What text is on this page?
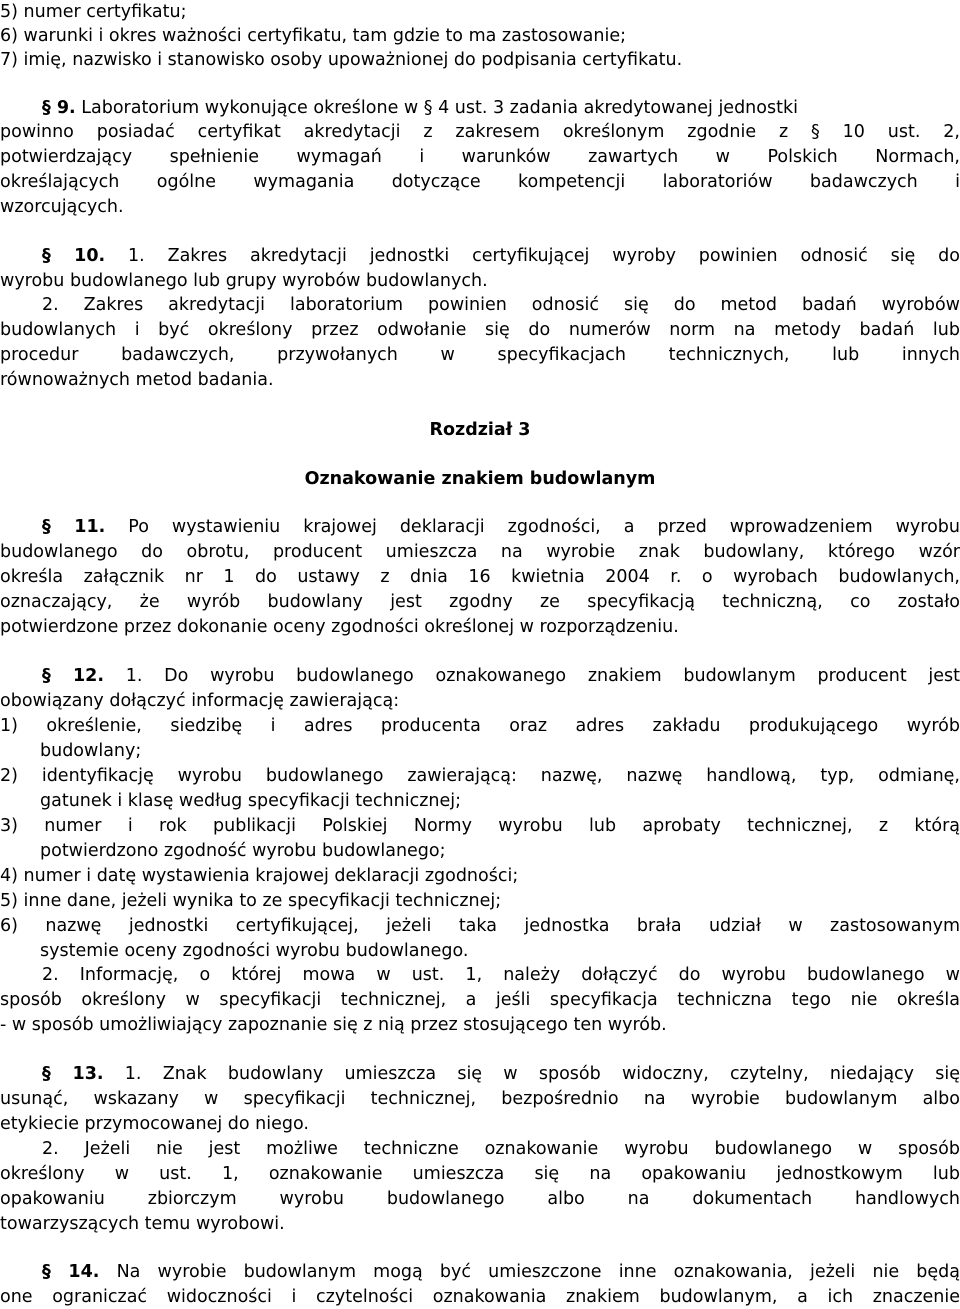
Rozdział 3
Oznakowanie znakiem budowlanym
5) numer certyfikatu;
6) warunki i okres ważności certyfikatu, tam gdzie to ma zastosowanie;
7) imię, nazwisko i stanowisko osoby upoważnionej do podpisania certyfikatu.
§ 9. Laboratorium wykonujące określone w § 4 ust. 3 zadania akredytowanej jednostki
powinno posiadać certyfikat akredytacji z zakresem określonym zgodnie z § 10 ust. 2,
potwierdzający spełnienie wymagań i warunków zawartych w Polskich Normach,
określających ogólne wymagania dotyczące kompetencji laboratoriów badawczych i
wzorcujących.
§ 10. 1. Zakres akredytacji jednostki certyfikującej wyroby powinien odnosić się do
wyrobu budowlanego lub grupy wyrobów budowlanych.
2. Zakres akredytacji laboratorium powinien odnosić się do metod badań wyrobów
budowlanych i być określony przez odwołanie się do numerów norm na metody badań lub
procedur badawczych, przywołanych w specyfikacjach technicznych, lub innych
równoważnych metod badania.
§ 11. Po wystawieniu krajowej deklaracji zgodności, a przed wprowadzeniem wyrobu
budowlanego do obrotu, producent umieszcza na wyrobie znak budowlany, którego wzór
określa załącznik nr 1 do ustawy z dnia 16 kwietnia 2004 r. o wyrobach budowlanych,
oznaczający, że wyrób budowlany jest zgodny ze specyfikacją techniczną, co zostało
potwierdzone przez dokonanie oceny zgodności określonej w rozporządzeniu.
§ 12. 1. Do wyrobu budowlanego oznakowanego znakiem budowlanym producent jest
obowiązany dołączyć informację zawierającą:
1) określenie, siedzibę i adres producenta oraz adres zakładu produkującego wyrób
budowlany;
2) identyfikację wyrobu budowlanego zawierającą: nazwę, nazwę handlową, typ, odmianę,
gatunek i klasę według specyfikacji technicznej;
3) numer i rok publikacji Polskiej Normy wyrobu lub aprobaty technicznej, z którą
potwierdzono zgodność wyrobu budowlanego;
4) numer i datę wystawienia krajowej deklaracji zgodności;
5) inne dane, jeżeli wynika to ze specyfikacji technicznej;
6) nazwę jednostki certyfikującej, jeżeli taka jednostka brała udział w zastosowanym
systemie oceny zgodności wyrobu budowlanego.
2. Informację, o której mowa w ust. 1, należy dołączyć do wyrobu budowlanego w
sposób określony w specyfikacji technicznej, a jeśli specyfikacja techniczna tego nie określa
- w sposób umożliwiający zapoznanie się z nią przez stosującego ten wyrób.
§ 13. 1. Znak budowlany umieszcza się w sposób widoczny, czytelny, niedający się
usunąć, wskazany w specyfikacji technicznej, bezpośrednio na wyrobie budowlanym albo
etykiecie przymocowanej do niego.
2. Jeżeli nie jest możliwe techniczne oznakowanie wyrobu budowlanego w sposób
określony w ust. 1, oznakowanie umieszcza się na opakowaniu jednostkowym lub
opakowaniu zbiorczym wyrobu budowlanego albo na dokumentach handlowych
towarzyszących temu wyrobowi.
§ 14. Na wyrobie budowlanym mogą być umieszczone inne oznakowania, jeżeli nie będą
one ograniczać widoczności i czytelności oznakowania znakiem budowlanym, a ich znaczenie
